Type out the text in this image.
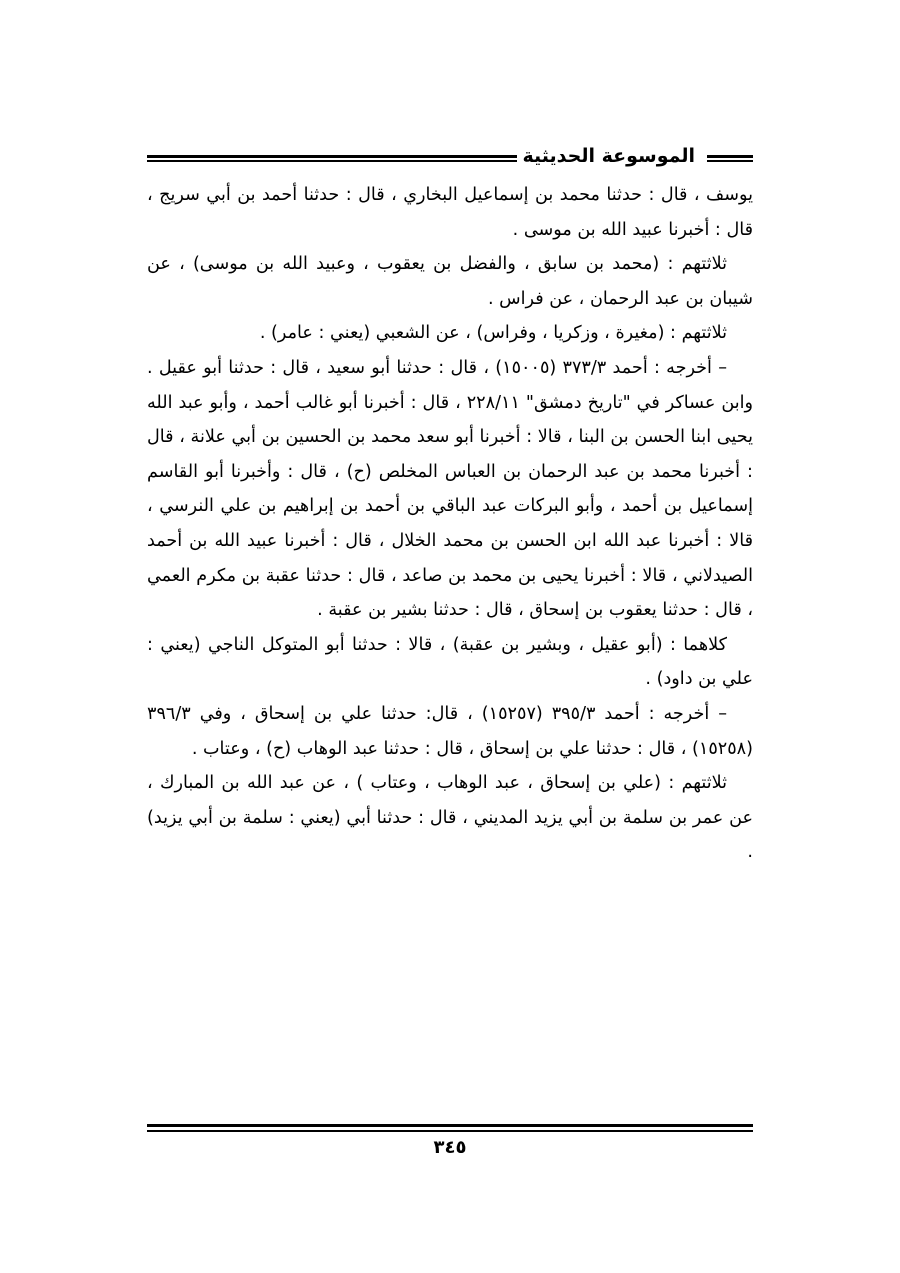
الموسوعة الحديثية

يوسف ، قال : حدثنا محمد بن إسماعيل البخاري ، قال : حدثنا أحمد بن أبي سريج ، قال : أخبرنا عبيد الله بن موسى .

ثلاثتهم : (محمد بن سابق ، والفضل بن يعقوب ، وعبيد الله بن موسى) ، عن شيبان بن عبد الرحمان ، عن فراس .

ثلاثتهم : (مغيرة ، وزكريا ، وفراس) ، عن الشعبي (يعني : عامر) .

– أخرجه : أحمد ٣٧٣/٣ (١٥٠٠٥) ، قال : حدثنا أبو سعيد ، قال : حدثنا أبو عقيل . وابن عساكر في "تاريخ دمشق" ٢٢٨/١١ ، قال : أخبرنا أبو غالب أحمد ، وأبو عبد الله يحيى ابنا الحسن بن البنا ، قالا : أخبرنا أبو سعد محمد بن الحسين بن أبي علانة ، قال : أخبرنا محمد بن عبد الرحمان بن العباس المخلص (ح) ، قال : وأخبرنا أبو القاسم إسماعيل بن أحمد ، وأبو البركات عبد الباقي بن أحمد بن إبراهيم بن علي النرسي ، قالا : أخبرنا عبد الله ابن الحسن بن محمد الخلال ، قال : أخبرنا عبيد الله بن أحمد الصيدلاني ، قالا : أخبرنا يحيى بن محمد بن صاعد ، قال : حدثنا عقبة بن مكرم العمي ، قال : حدثنا يعقوب بن إسحاق ، قال : حدثنا بشير بن عقبة .

كلاهما : (أبو عقيل ، وبشير بن عقبة) ، قالا : حدثنا أبو المتوكل الناجي (يعني : علي بن داود) .

– أخرجه : أحمد ٣٩٥/٣ (١٥٢٥٧) ، قال: حدثنا علي بن إسحاق ، وفي ٣٩٦/٣ (١٥٢٥٨) ، قال : حدثنا علي بن إسحاق ، قال : حدثنا عبد الوهاب (ح) ، وعتاب .

ثلاثتهم : (علي بن إسحاق ، عبد الوهاب ، وعتاب ) ، عن عبد الله بن المبارك ، عن عمر بن سلمة بن أبي يزيد المديني ، قال : حدثنا أبي (يعني : سلمة بن أبي يزيد) .

٣٤٥
